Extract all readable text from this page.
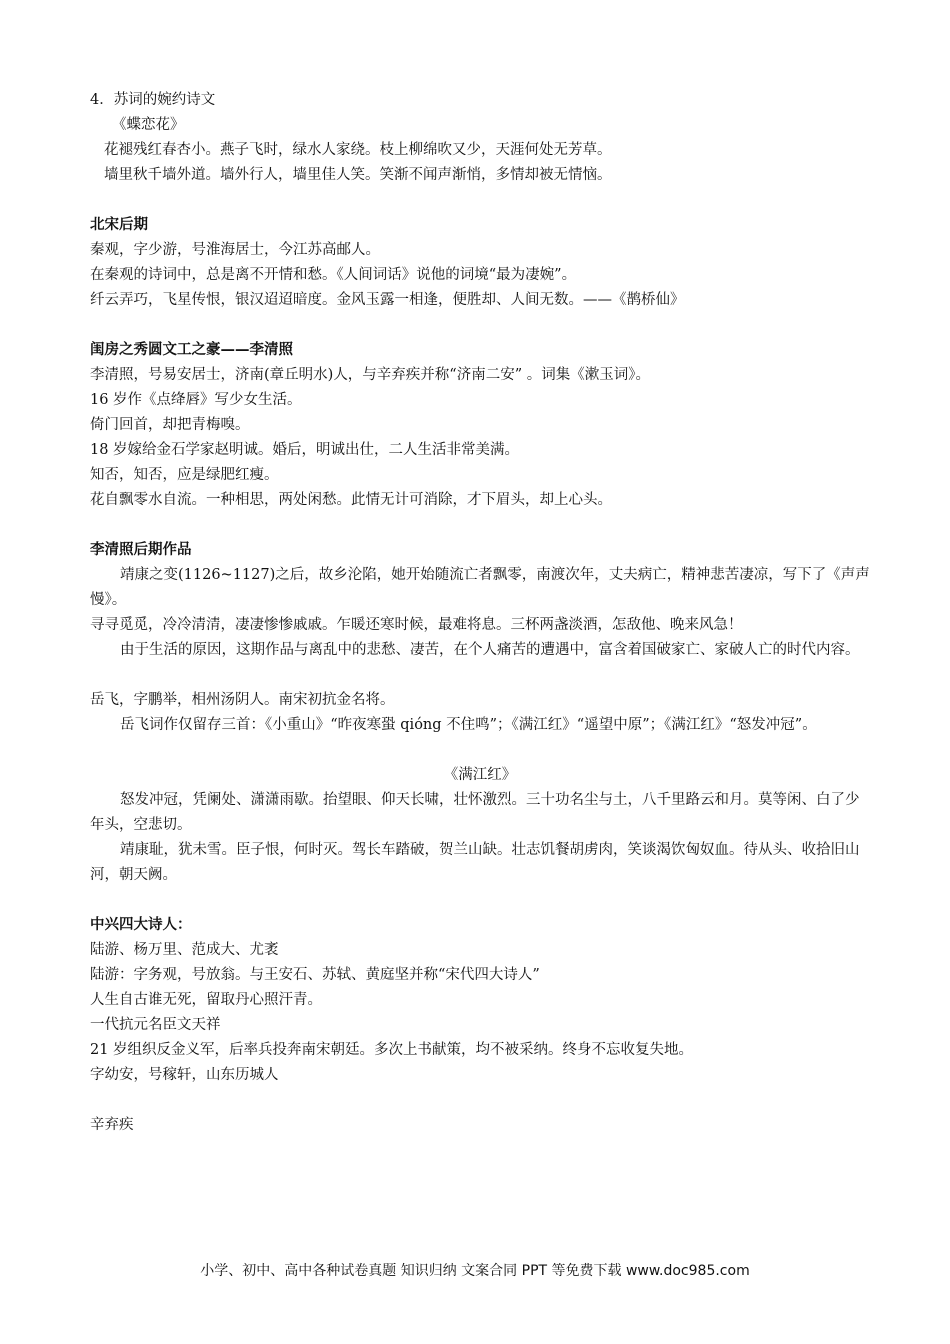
4．苏词的婉约诗文

《蝶恋花》

花褪残红春杏小。燕子飞时，绿水人家绕。枝上柳绵吹又少，天涯何处无芳草。

墙里秋千墙外道。墙外行人，墙里佳人笑。笑渐不闻声渐悄，多情却被无情恼。

北宋后期

秦观，字少游，号淮海居士，今江苏高邮人。

在秦观的诗词中，总是离不开情和愁。《人间词话》说他的词境“最为凄婉”。

纤云弄巧，飞星传恨，银汉迢迢暗度。金风玉露一相逢，便胜却、人间无数。——《鹊桥仙》

闺房之秀圆文工之豪——李清照

李清照，号易安居士，济南(章丘明水)人，与辛弃疾并称“济南二安” 。词集《漱玉词》。

16 岁作《点绛唇》写少女生活。

倚门回首，却把青梅嗅。

18 岁嫁给金石学家赵明诚。婚后，明诚出仕，二人生活非常美满。

知否，知否，应是绿肥红瘦。

花自飘零水自流。一种相思，两处闲愁。此情无计可消除，才下眉头，却上心头。

李清照后期作品

靖康之变(1126~1127)之后，故乡沦陷，她开始随流亡者飘零，南渡次年，丈夫病亡，精神悲苦凄凉，写下了《声声慢》。

寻寻觅觅，冷冷清清，凄凄惨惨戚戚。乍暖还寒时候，最难将息。三杯两盏淡酒，怎敌他、晚来风急！

由于生活的原因，这期作品与离乱中的悲愁、凄苦，在个人痛苦的遭遇中，富含着国破家亡、家破人亡的时代内容。

岳飞，字鹏举，相州汤阴人。南宋初抗金名将。

岳飞词作仅留存三首：《小重山》“昨夜寒蛩 qióng 不住鸣”；《满江红》“遥望中原”；《满江红》“怒发冲冠”。

《满江红》

怒发冲冠，凭阑处、潇潇雨歇。抬望眼、仰天长啸，壮怀激烈。三十功名尘与土，八千里路云和月。莫等闲、白了少年头，空悲切。

靖康耻，犹未雪。臣子恨，何时灭。驾长车踏破，贺兰山缺。壮志饥餐胡虏肉，笑谈渴饮匈奴血。待从头、收拾旧山河，朝天阙。

中兴四大诗人：

陆游、杨万里、范成大、尤袤

陆游：字务观，号放翁。与王安石、苏轼、黄庭坚并称“宋代四大诗人”

人生自古谁无死，留取丹心照汗青。

一代抗元名臣文天祥

21 岁组织反金义军，后率兵投奔南宋朝廷。多次上书献策，均不被采纳。终身不忘收复失地。

字幼安，号稼轩，山东历城人

辛弃疾

小学、初中、高中各种试卷真题 知识归纳 文案合同 PPT 等免费下载 www.doc985.com
